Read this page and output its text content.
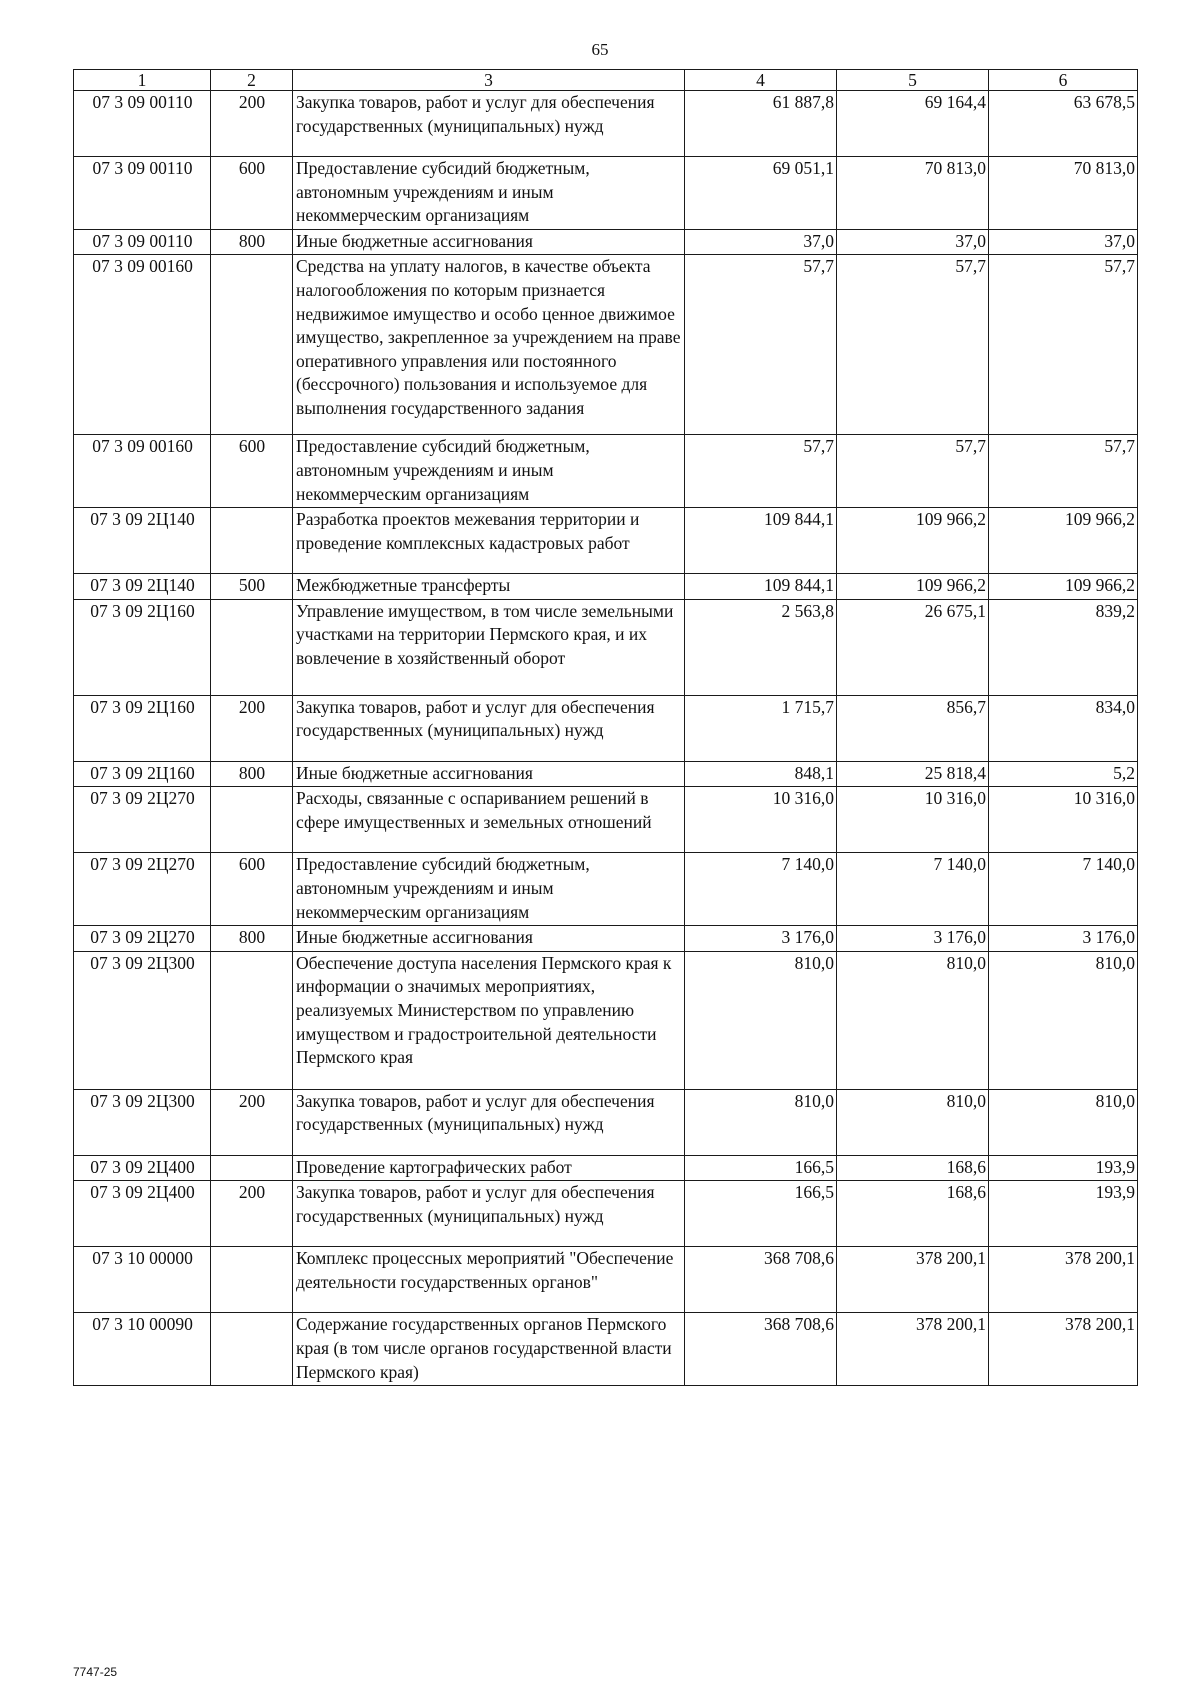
65
1	2	3	4	5	6
07 3 09 00110	200	Закупка товаров, работ и услуг для обеспечения государственных (муниципальных) нужд	61 887,8	69 164,4	63 678,5
07 3 09 00110	600	Предоставление субсидий бюджетным, автономным учреждениям и иным некоммерческим организациям	69 051,1	70 813,0	70 813,0
07 3 09 00110	800	Иные бюджетные ассигнования	37,0	37,0	37,0
07 3 09 00160		Средства на уплату налогов, в качестве объекта налогообложения по которым признается недвижимое имущество и особо ценное движимое имущество, закрепленное за учреждением на праве оперативного управления или постоянного (бессрочного) пользования и используемое для выполнения государственного задания	57,7	57,7	57,7
07 3 09 00160	600	Предоставление субсидий бюджетным, автономным учреждениям и иным некоммерческим организациям	57,7	57,7	57,7
07 3 09 2Ц140		Разработка проектов межевания территории и проведение комплексных кадастровых работ	109 844,1	109 966,2	109 966,2
07 3 09 2Ц140	500	Межбюджетные трансферты	109 844,1	109 966,2	109 966,2
07 3 09 2Ц160		Управление имуществом, в том числе земельными участками на территории Пермского края, и их вовлечение в хозяйственный оборот	2 563,8	26 675,1	839,2
07 3 09 2Ц160	200	Закупка товаров, работ и услуг для обеспечения государственных (муниципальных) нужд	1 715,7	856,7	834,0
07 3 09 2Ц160	800	Иные бюджетные ассигнования	848,1	25 818,4	5,2
07 3 09 2Ц270		Расходы, связанные с оспариванием решений в сфере имущественных и земельных отношений	10 316,0	10 316,0	10 316,0
07 3 09 2Ц270	600	Предоставление субсидий бюджетным, автономным учреждениям и иным некоммерческим организациям	7 140,0	7 140,0	7 140,0
07 3 09 2Ц270	800	Иные бюджетные ассигнования	3 176,0	3 176,0	3 176,0
07 3 09 2Ц300		Обеспечение доступа населения Пермского края к информации о значимых мероприятиях, реализуемых Министерством по управлению имуществом и градостроительной деятельности Пермского края	810,0	810,0	810,0
07 3 09 2Ц300	200	Закупка товаров, работ и услуг для обеспечения государственных (муниципальных) нужд	810,0	810,0	810,0
07 3 09 2Ц400		Проведение картографических работ	166,5	168,6	193,9
07 3 09 2Ц400	200	Закупка товаров, работ и услуг для обеспечения государственных (муниципальных) нужд	166,5	168,6	193,9
07 3 10 00000		Комплекс процессных мероприятий "Обеспечение деятельности государственных органов"	368 708,6	378 200,1	378 200,1
07 3 10 00090		Содержание государственных органов Пермского края (в том числе органов государственной власти Пермского края)	368 708,6	378 200,1	378 200,1
7747-25
